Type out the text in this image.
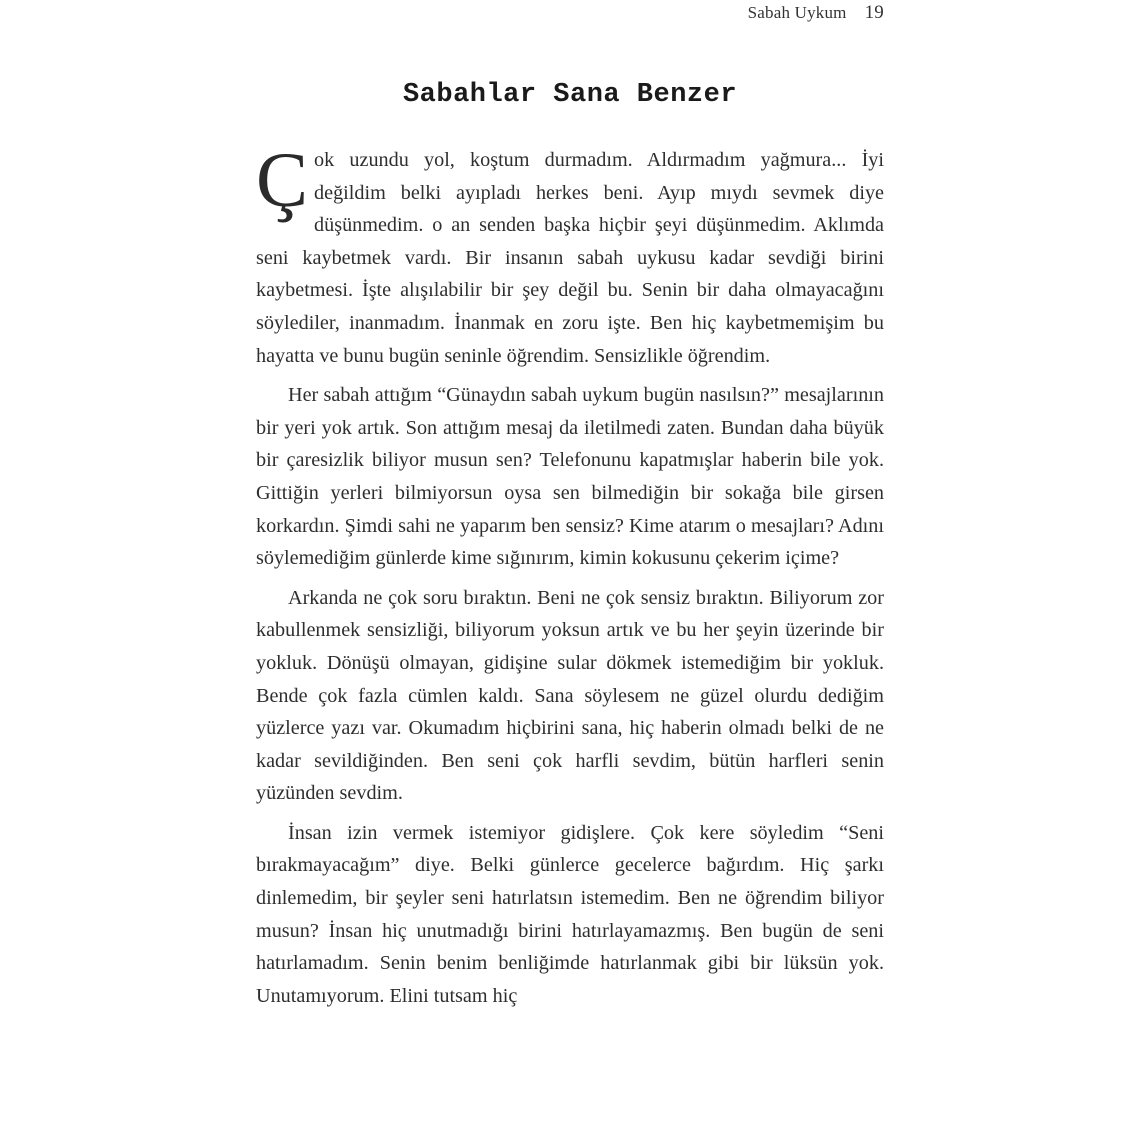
Sabah Uykum 19
Sabahlar Sana Benzer

Çok uzundu yol, koştum durmadım. Aldırmadım yağmura... İyi değildim belki ayıpladı herkes beni. Ayıp mıydı sevmek diye düşünmedim. o an senden başka hiçbir şeyi düşünmedim. Aklımda seni kaybetmek vardı. Bir insanın sabah uykusu kadar sevdiği birini kaybetmesi. İşte alışılabilir bir şey değil bu. Senin bir daha olmayacağını söylediler, inanmadım. İnanmak en zoru işte. Ben hiç kaybetmemişim bu hayatta ve bunu bugün seninle öğrendim. Sensizlikle öğrendim.

Her sabah attığım “Günaydın sabah uykum bugün nasılsın?” mesajlarının bir yeri yok artık. Son attığım mesaj da iletilmedi zaten. Bundan daha büyük bir çaresizlik biliyor musun sen? Telefonunu kapatmışlar haberin bile yok. Gittiğin yerleri bilmiyorsun oysa sen bilmediğin bir sokağa bile girsen korkardın. Şimdi sahi ne yaparım ben sensiz? Kime atarım o mesajları? Adını söylemediğim günlerde kime sığınırım, kimin kokusunu çekerim içime?

Arkanda ne çok soru bıraktın. Beni ne çok sensiz bıraktın. Biliyorum zor kabullenmek sensizliği, biliyorum yoksun artık ve bu her şeyin üzerinde bir yokluk. Dönüşü olmayan, gidişine sular dökmek istemediğim bir yokluk. Bende çok fazla cümlen kaldı. Sana söylesem ne güzel olurdu dediğim yüzlerce yazı var. Okumadım hiçbirini sana, hiç haberin olmadı belki de ne kadar sevildiğinden. Ben seni çok harfli sevdim, bütün harfleri senin yüzünden sevdim.

İnsan izin vermek istemiyor gidişlere. Çok kere söyledim “Seni bırakmayacağım” diye. Belki günlerce gecelerce bağırdım. Hiç şarkı dinlemedim, bir şeyler seni hatırlatsın istemedim. Ben ne öğrendim biliyor musun? İnsan hiç unutmadığı birini hatırlayamazmış. Ben bugün de seni hatırlamadım. Senin benim benliğimde hatırlanmak gibi bir lüksün yok. Unutamıyorum. Elini tutsam hiç
